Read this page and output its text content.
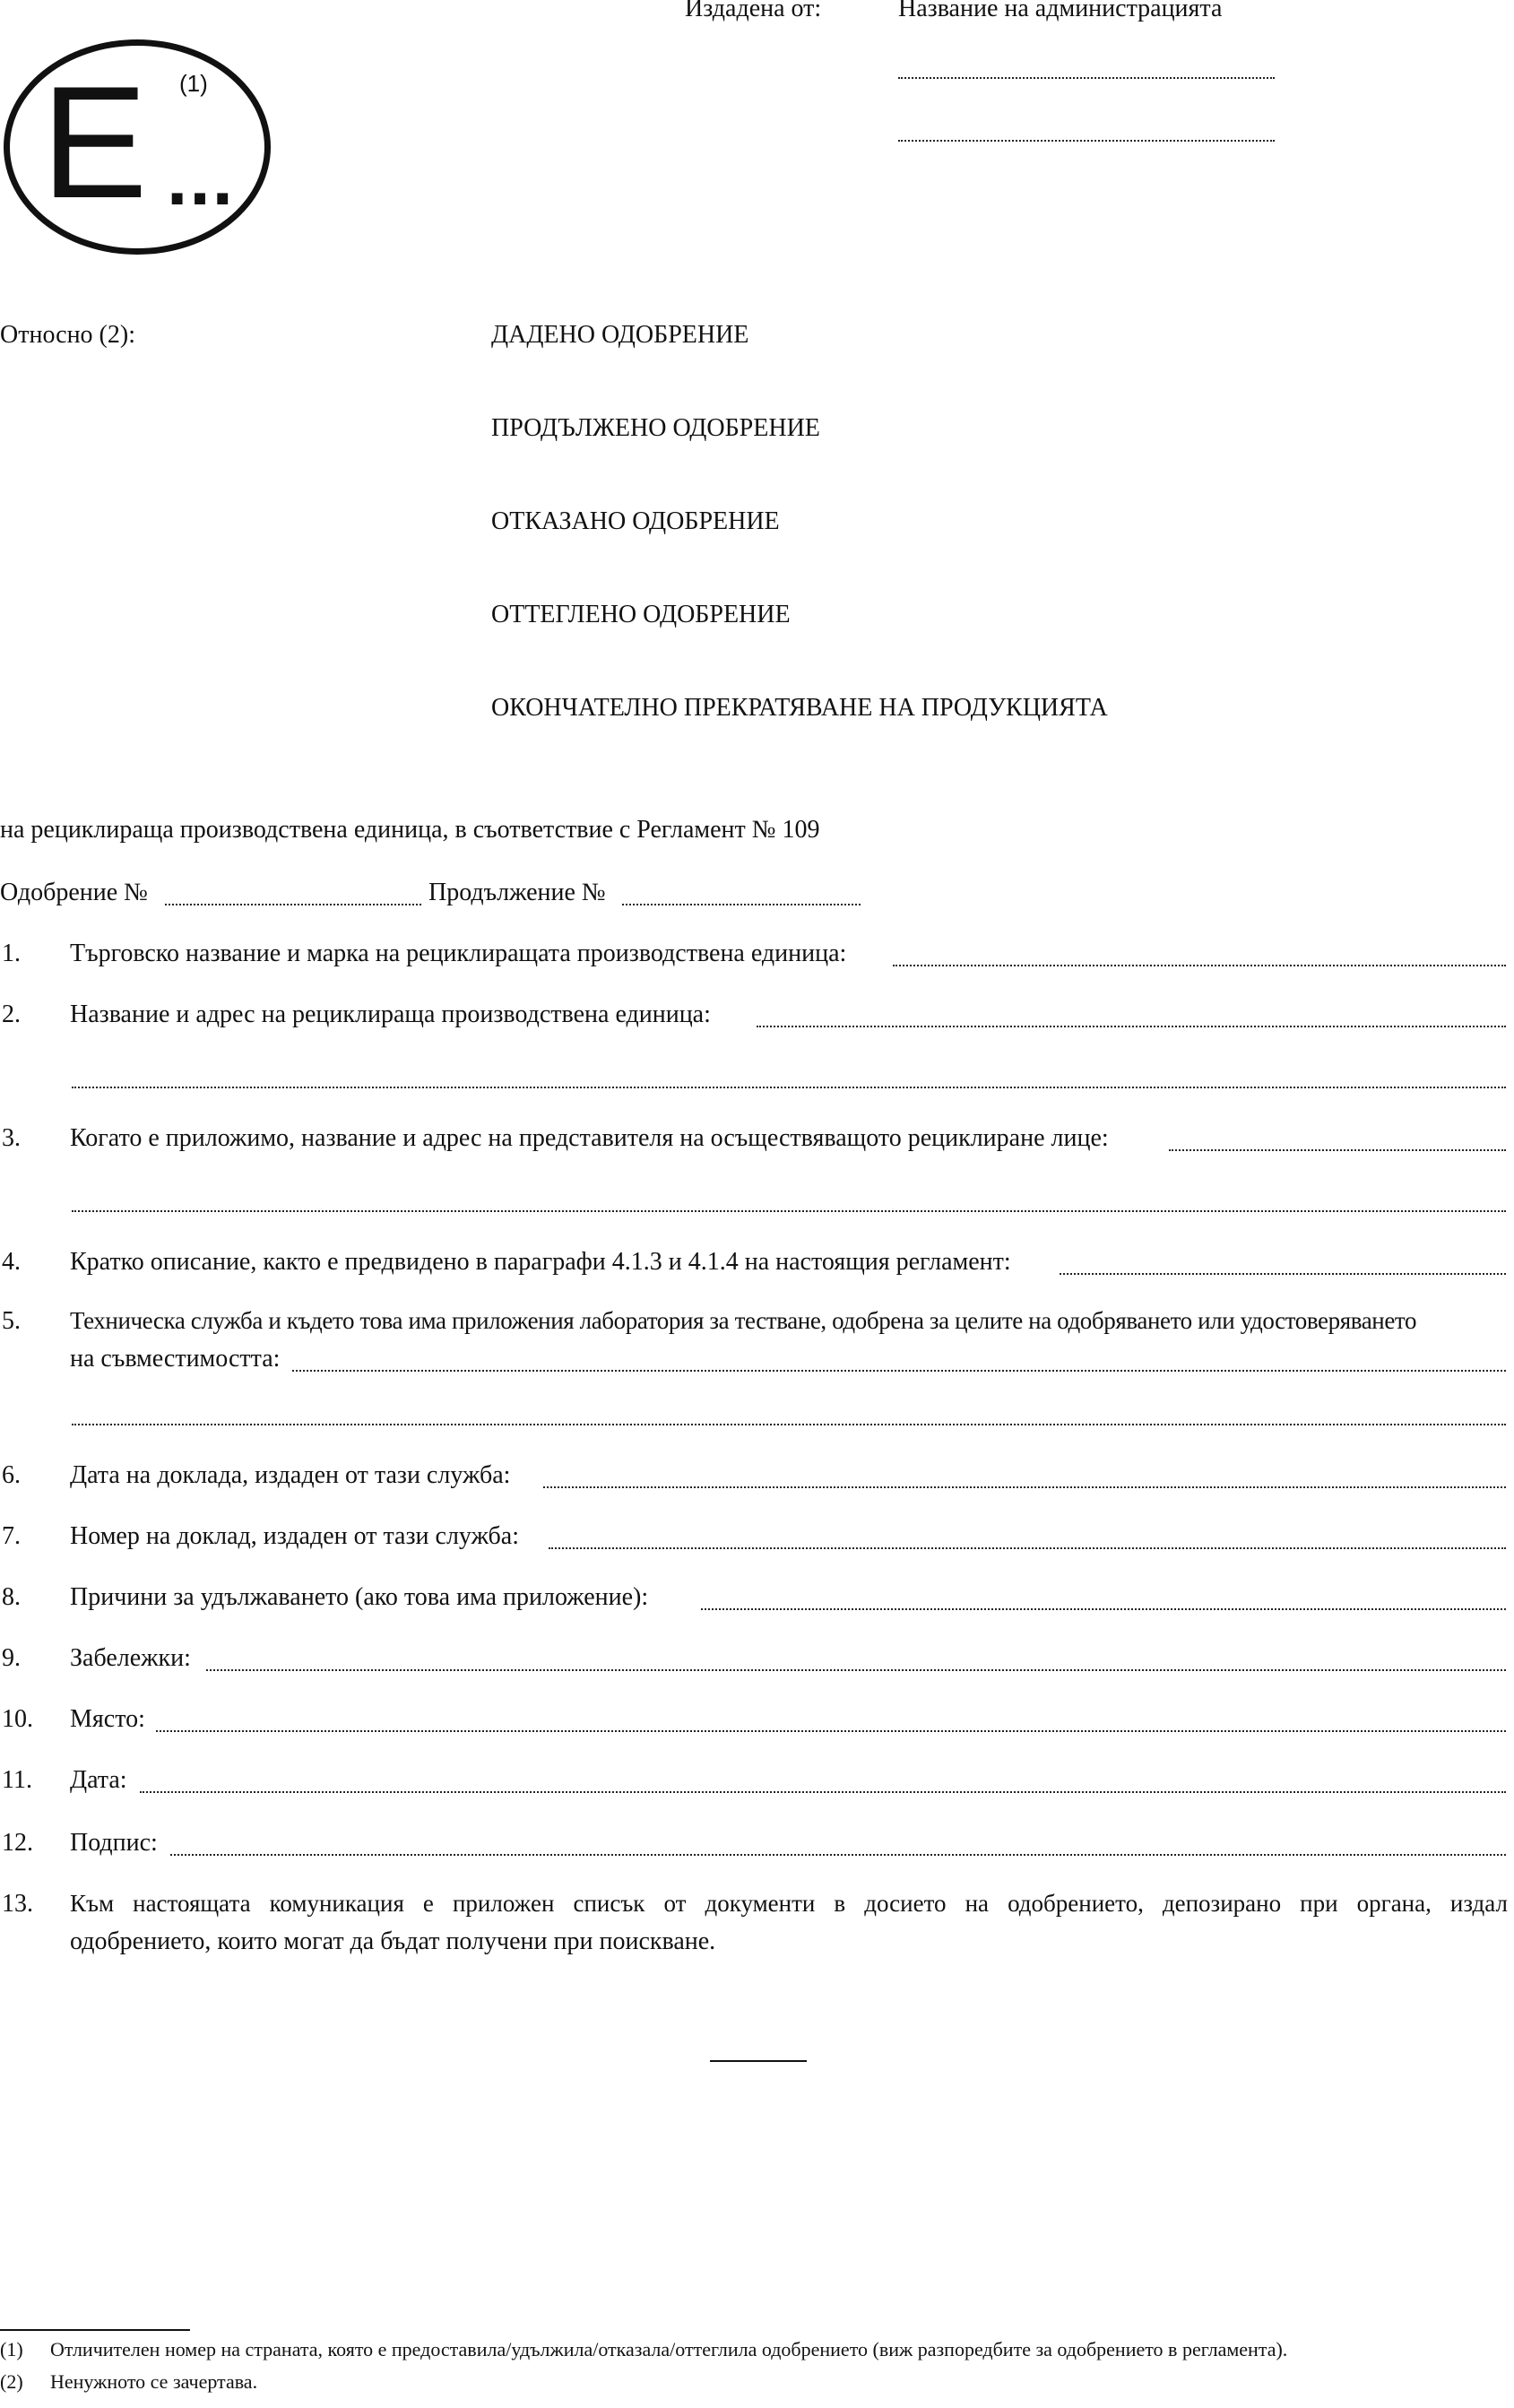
Издадена от:	Название на администрацията
E ...
(1)
Относно (2):	ДАДЕНО ОДОБРЕНИЕ
ПРОДЪЛЖЕНО ОДОБРЕНИЕ
ОТКАЗАНО ОДОБРЕНИЕ
ОТТЕГЛЕНО ОДОБРЕНИЕ
ОКОНЧАТЕЛНО ПРЕКРАТЯВАНЕ НА ПРОДУКЦИЯТА
на рециклираща производствена единица, в съответствие с Регламент № 109
Одобрение №	Продължение №
1. Търговско название и марка на рециклиращата производствена единица:
2. Название и адрес на рециклираща производствена единица:
3. Когато е приложимо, название и адрес на представителя на осъществяващото рециклиране лице:
4. Кратко описание, както е предвидено в параграфи 4.1.3 и 4.1.4 на настоящия регламент:
5. Техническа служба и където това има приложения лаборатория за тестване, одобрена за целите на одобряването или удостоверяването
на съвместимостта:
6. Дата на доклада, издаден от тази служба:
7. Номер на доклад, издаден от тази служба:
8. Причини за удължаването (ако това има приложение):
9. Забележки:
10. Място:
11. Дата:
12. Подпис:
13. Към настоящата комуникация е приложен списък от документи в досието на одобрението, депозирано при органа, издал
одобрението, които могат да бъдат получени при поискване.
(1) Отличителен номер на страната, която е предоставила/удължила/отказала/оттеглила одобрението (виж разпоредбите за одобрението в регламента).
(2) Ненужното се зачертава.
